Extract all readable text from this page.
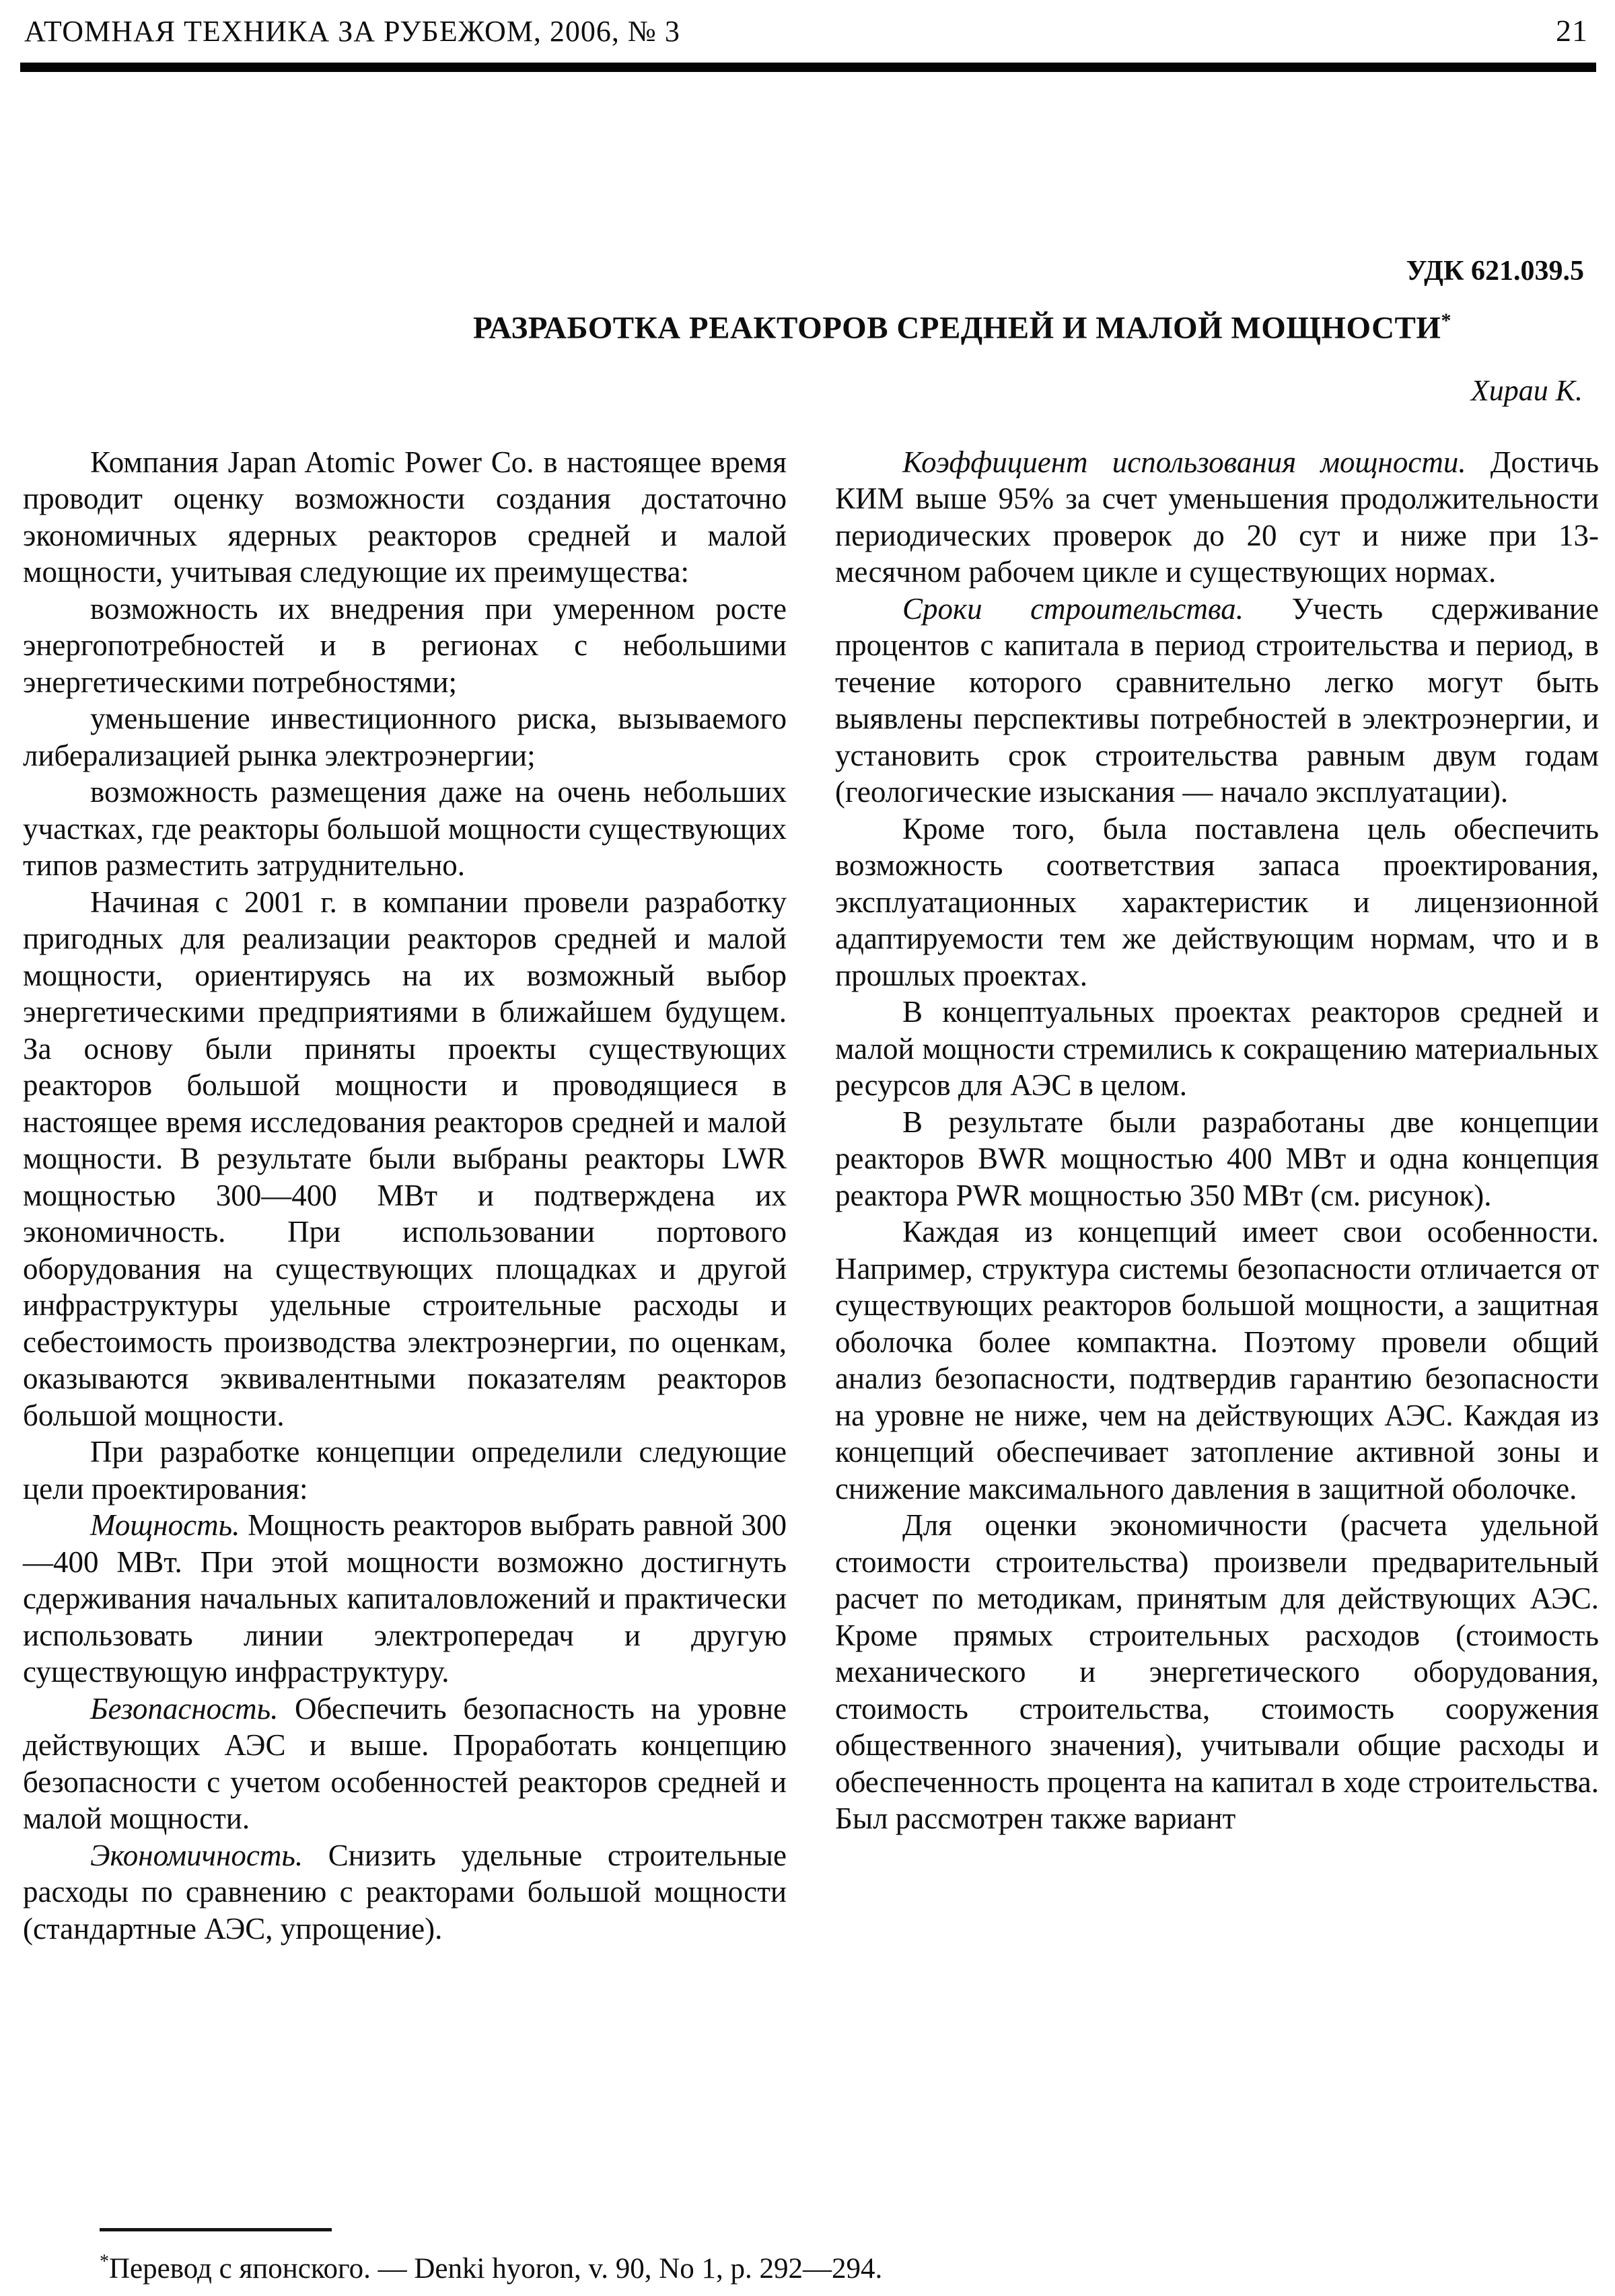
АТОМНАЯ ТЕХНИКА ЗА РУБЕЖОМ, 2006, № 3	21
УДК 621.039.5
РАЗРАБОТКА РЕАКТОРОВ СРЕДНЕЙ И МАЛОЙ МОЩНОСТИ*
Хираи К.

Компания Japan Atomic Power Co. в настоящее время проводит оценку возможности создания достаточно экономичных ядерных реакторов средней и малой мощности, учитывая следующие их преимущества:

возможность их внедрения при умеренном росте энергопотребностей и в регионах с небольшими энергетическими потребностями;

уменьшение инвестиционного риска, вызываемого либерализацией рынка электроэнергии;

возможность размещения даже на очень небольших участках, где реакторы большой мощности существующих типов разместить затруднительно.

Начиная с 2001 г. в компании провели разработку пригодных для реализации реакторов средней и малой мощности, ориентируясь на их возможный выбор энергетическими предприятиями в ближайшем будущем. За основу были приняты проекты существующих реакторов большой мощности и проводящиеся в настоящее время исследования реакторов средней и малой мощности. В результате были выбраны реакторы LWR мощностью 300—400 МВт и подтверждена их экономичность. При использовании портового оборудования на существующих площадках и другой инфраструктуры удельные строительные расходы и себестоимость производства электроэнергии, по оценкам, оказываются эквивалентными показателям реакторов большой мощности.

При разработке концепции определили следующие цели проектирования:

Мощность. Мощность реакторов выбрать равной 300—400 МВт. При этой мощности возможно достигнуть сдерживания начальных капиталовложений и практически использовать линии электропередач и другую существующую инфраструктуру.

Безопасность. Обеспечить безопасность на уровне действующих АЭС и выше. Проработать концепцию безопасности с учетом особенностей реакторов средней и малой мощности.

Экономичность. Снизить удельные строительные расходы по сравнению с реакторами большой мощности (стандартные АЭС, упрощение).

Коэффициент использования мощности. Достичь КИМ выше 95% за счет уменьшения продолжительности периодических проверок до 20 сут и ниже при 13-месячном рабочем цикле и существующих нормах.

Сроки строительства. Учесть сдерживание процентов с капитала в период строительства и период, в течение которого сравнительно легко могут быть выявлены перспективы потребностей в электроэнергии, и установить срок строительства равным двум годам (геологические изыскания — начало эксплуатации).

Кроме того, была поставлена цель обеспечить возможность соответствия запаса проектирования, эксплуатационных характеристик и лицензионной адаптируемости тем же действующим нормам, что и в прошлых проектах.

В концептуальных проектах реакторов средней и малой мощности стремились к сокращению материальных ресурсов для АЭС в целом.

В результате были разработаны две концепции реакторов BWR мощностью 400 МВт и одна концепция реактора PWR мощностью 350 МВт (см. рисунок).

Каждая из концепций имеет свои особенности. Например, структура системы безопасности отличается от существующих реакторов большой мощности, а защитная оболочка более компактна. Поэтому провели общий анализ безопасности, подтвердив гарантию безопасности на уровне не ниже, чем на действующих АЭС. Каждая из концепций обеспечивает затопление активной зоны и снижение максимального давления в защитной оболочке.

Для оценки экономичности (расчета удельной стоимости строительства) произвели предварительный расчет по методикам, принятым для действующих АЭС. Кроме прямых строительных расходов (стоимость механического и энергетического оборудования, стоимость строительства, стоимость сооружения общественного значения), учитывали общие расходы и обеспеченность процента на капитал в ходе строительства. Был рассмотрен также вариант

*Перевод с японского. — Denki hyoron, v. 90, No 1, p. 292—294.
